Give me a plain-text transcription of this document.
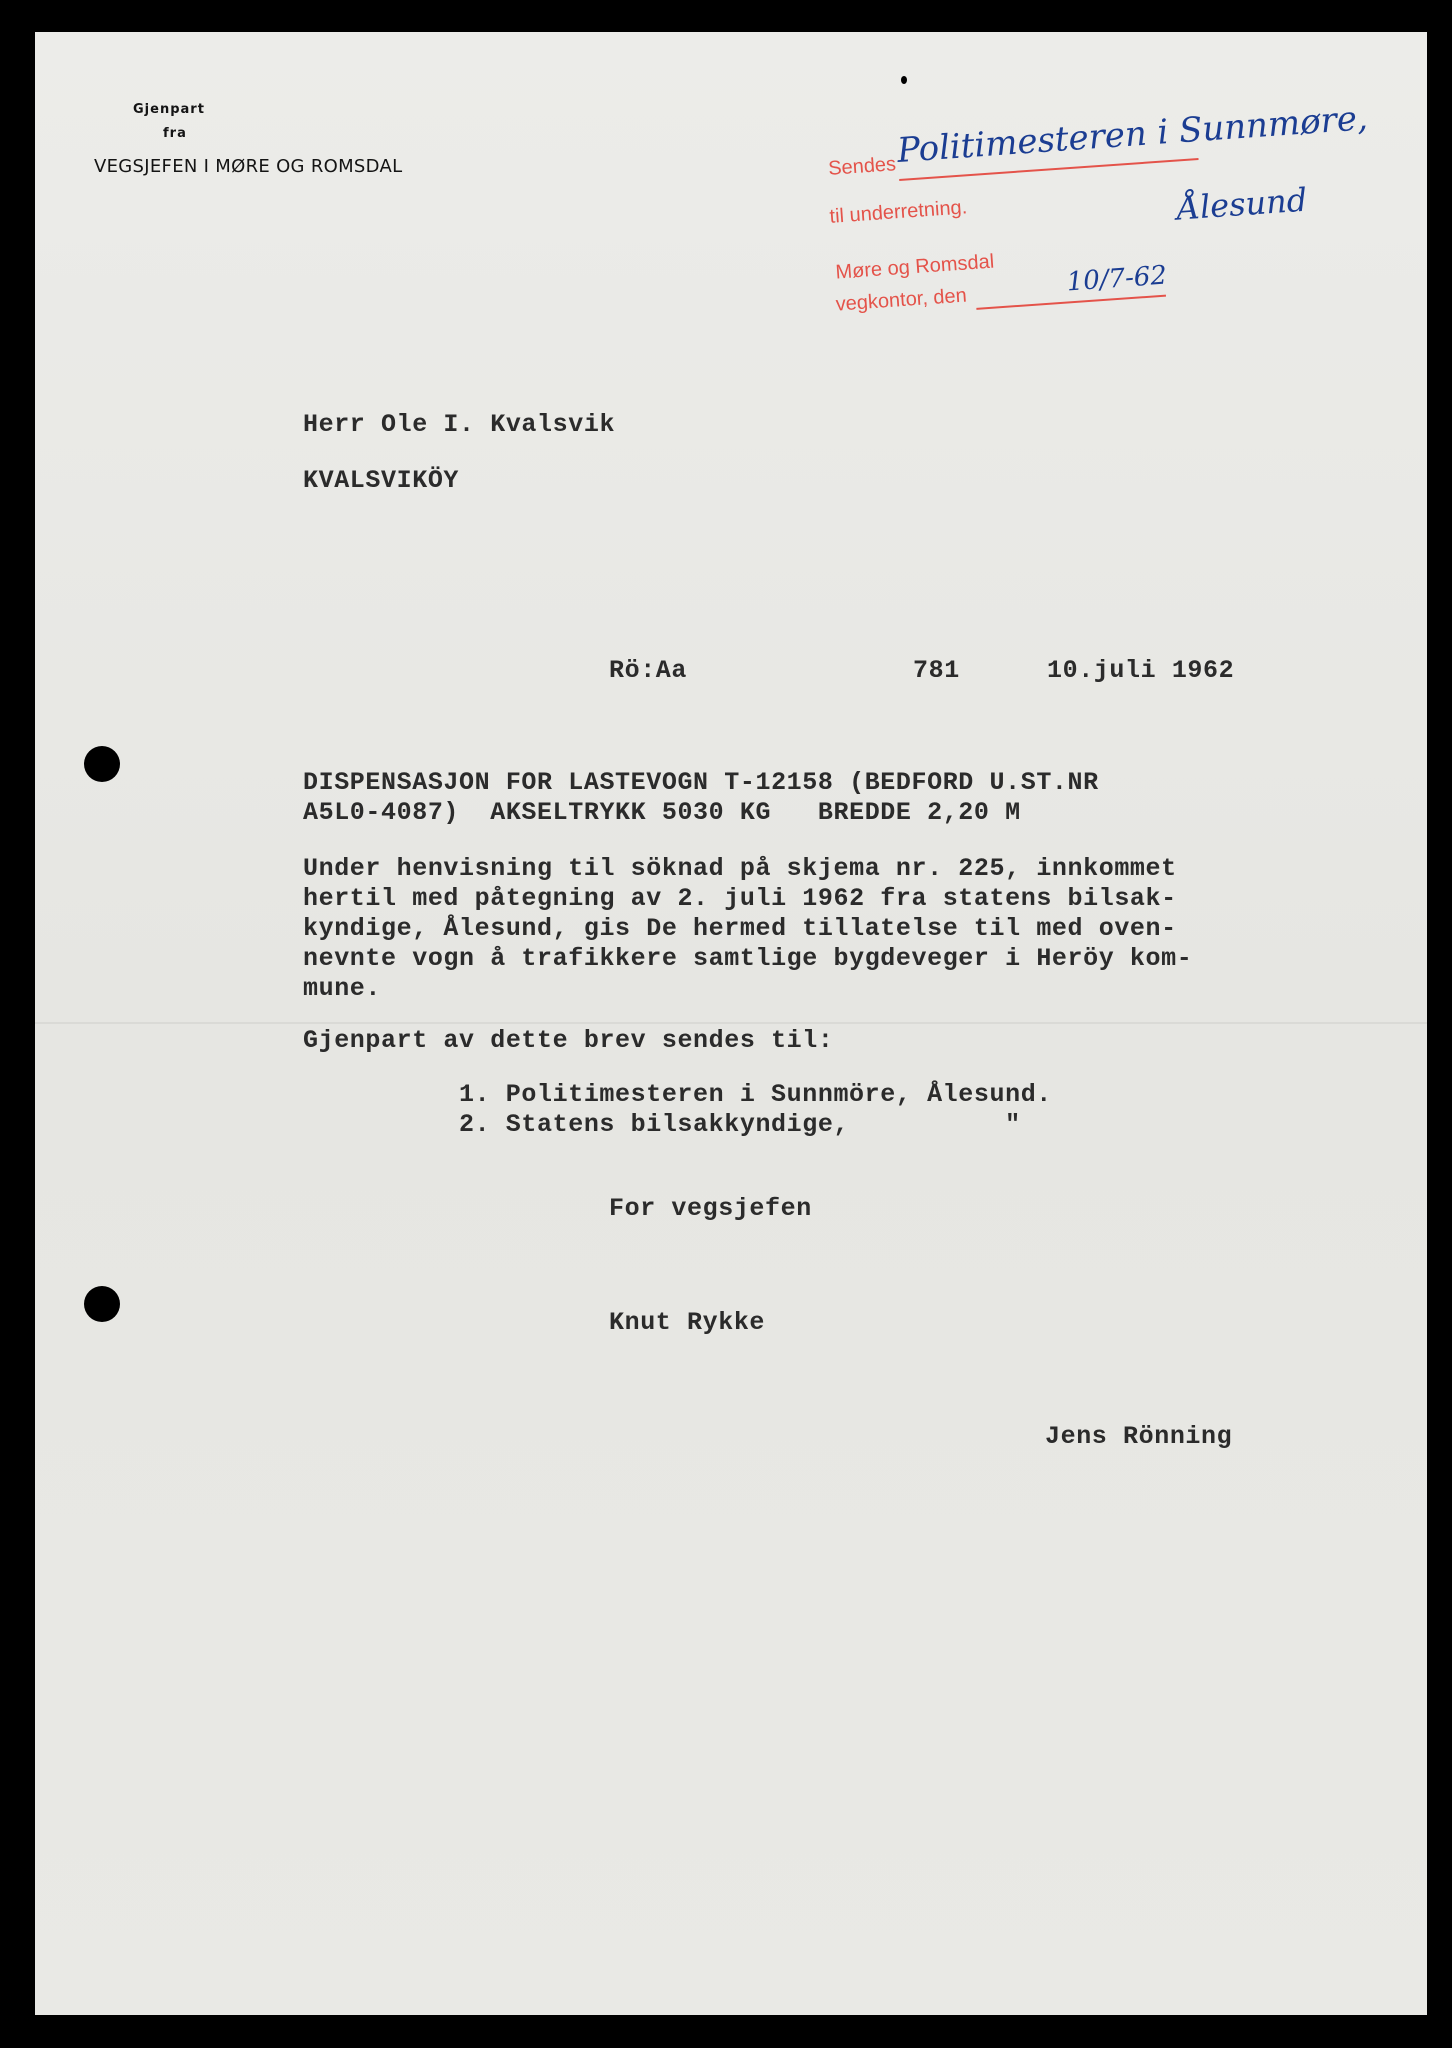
Gjenpart
fra
VEGSJEFEN I MØRE OG ROMSDAL	Sendes Politimesteren i Sunnmøre,
til underretning.	Ålesund
Møre og Romsdal
vegkontor, den
10/7-62
Herr Ole I. Kvalsvik
KVALSVIKÖY
Rö:Aa	781	10.juli 1962
DISPENSASJON FOR LASTEVOGN T-12158 (BEDFORD U.ST.NR
A5L0-4087)  AKSELTRYKK 5030 KG   BREDDE 2,20 M
Under henvisning til söknad på skjema nr. 225, innkommet
hertil med påtegning av 2. juli 1962 fra statens bilsak-
kyndige, Ålesund, gis De hermed tillatelse til med oven-
nevnte vogn å trafikkere samtlige bygdeveger i Heröy kom-
mune.
Gjenpart av dette brev sendes til:
1. Politimesteren i Sunnmöre, Ålesund.
2. Statens bilsakkyndige,          "
For vegsjefen
Knut Rykke
Jens Rönning
